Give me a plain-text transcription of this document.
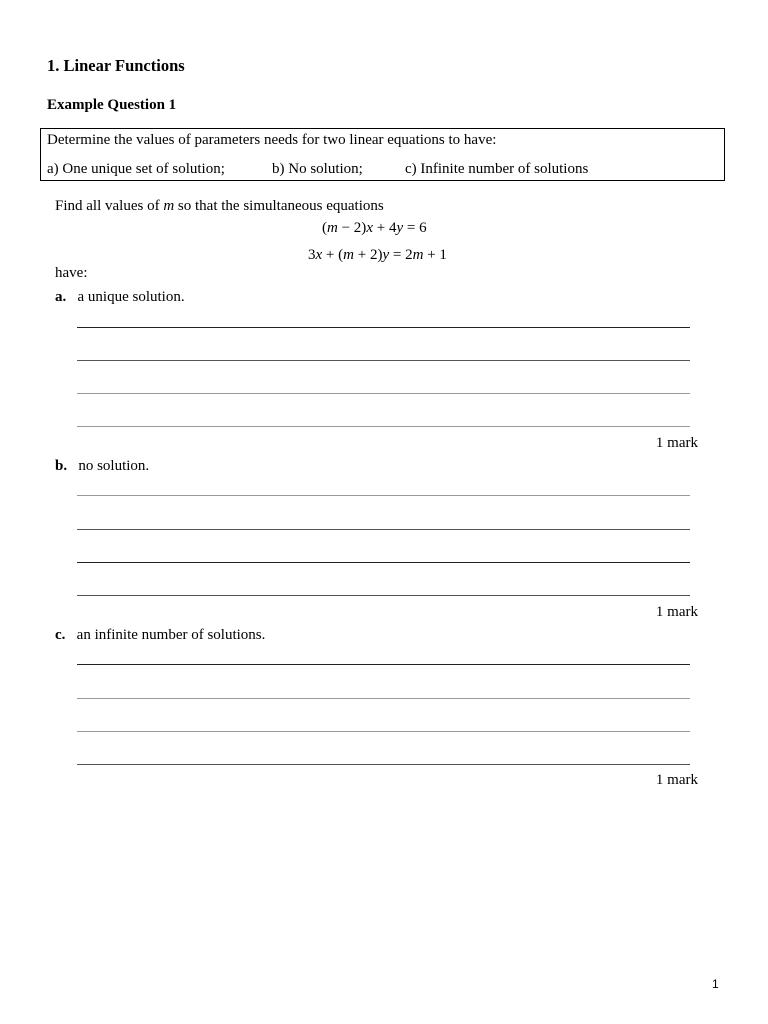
1. Linear Functions
Example Question 1
Determine the values of parameters needs for two linear equations to have:
a) One unique set of solution;	b) No solution;	c) Infinite number of solutions
Find all values of m so that the simultaneous equations
(m − 2)x + 4y = 6
3x + (m + 2)y = 2m + 1
have:
a. a unique solution.
1 mark
b. no solution.
1 mark
c. an infinite number of solutions.
1 mark
1
